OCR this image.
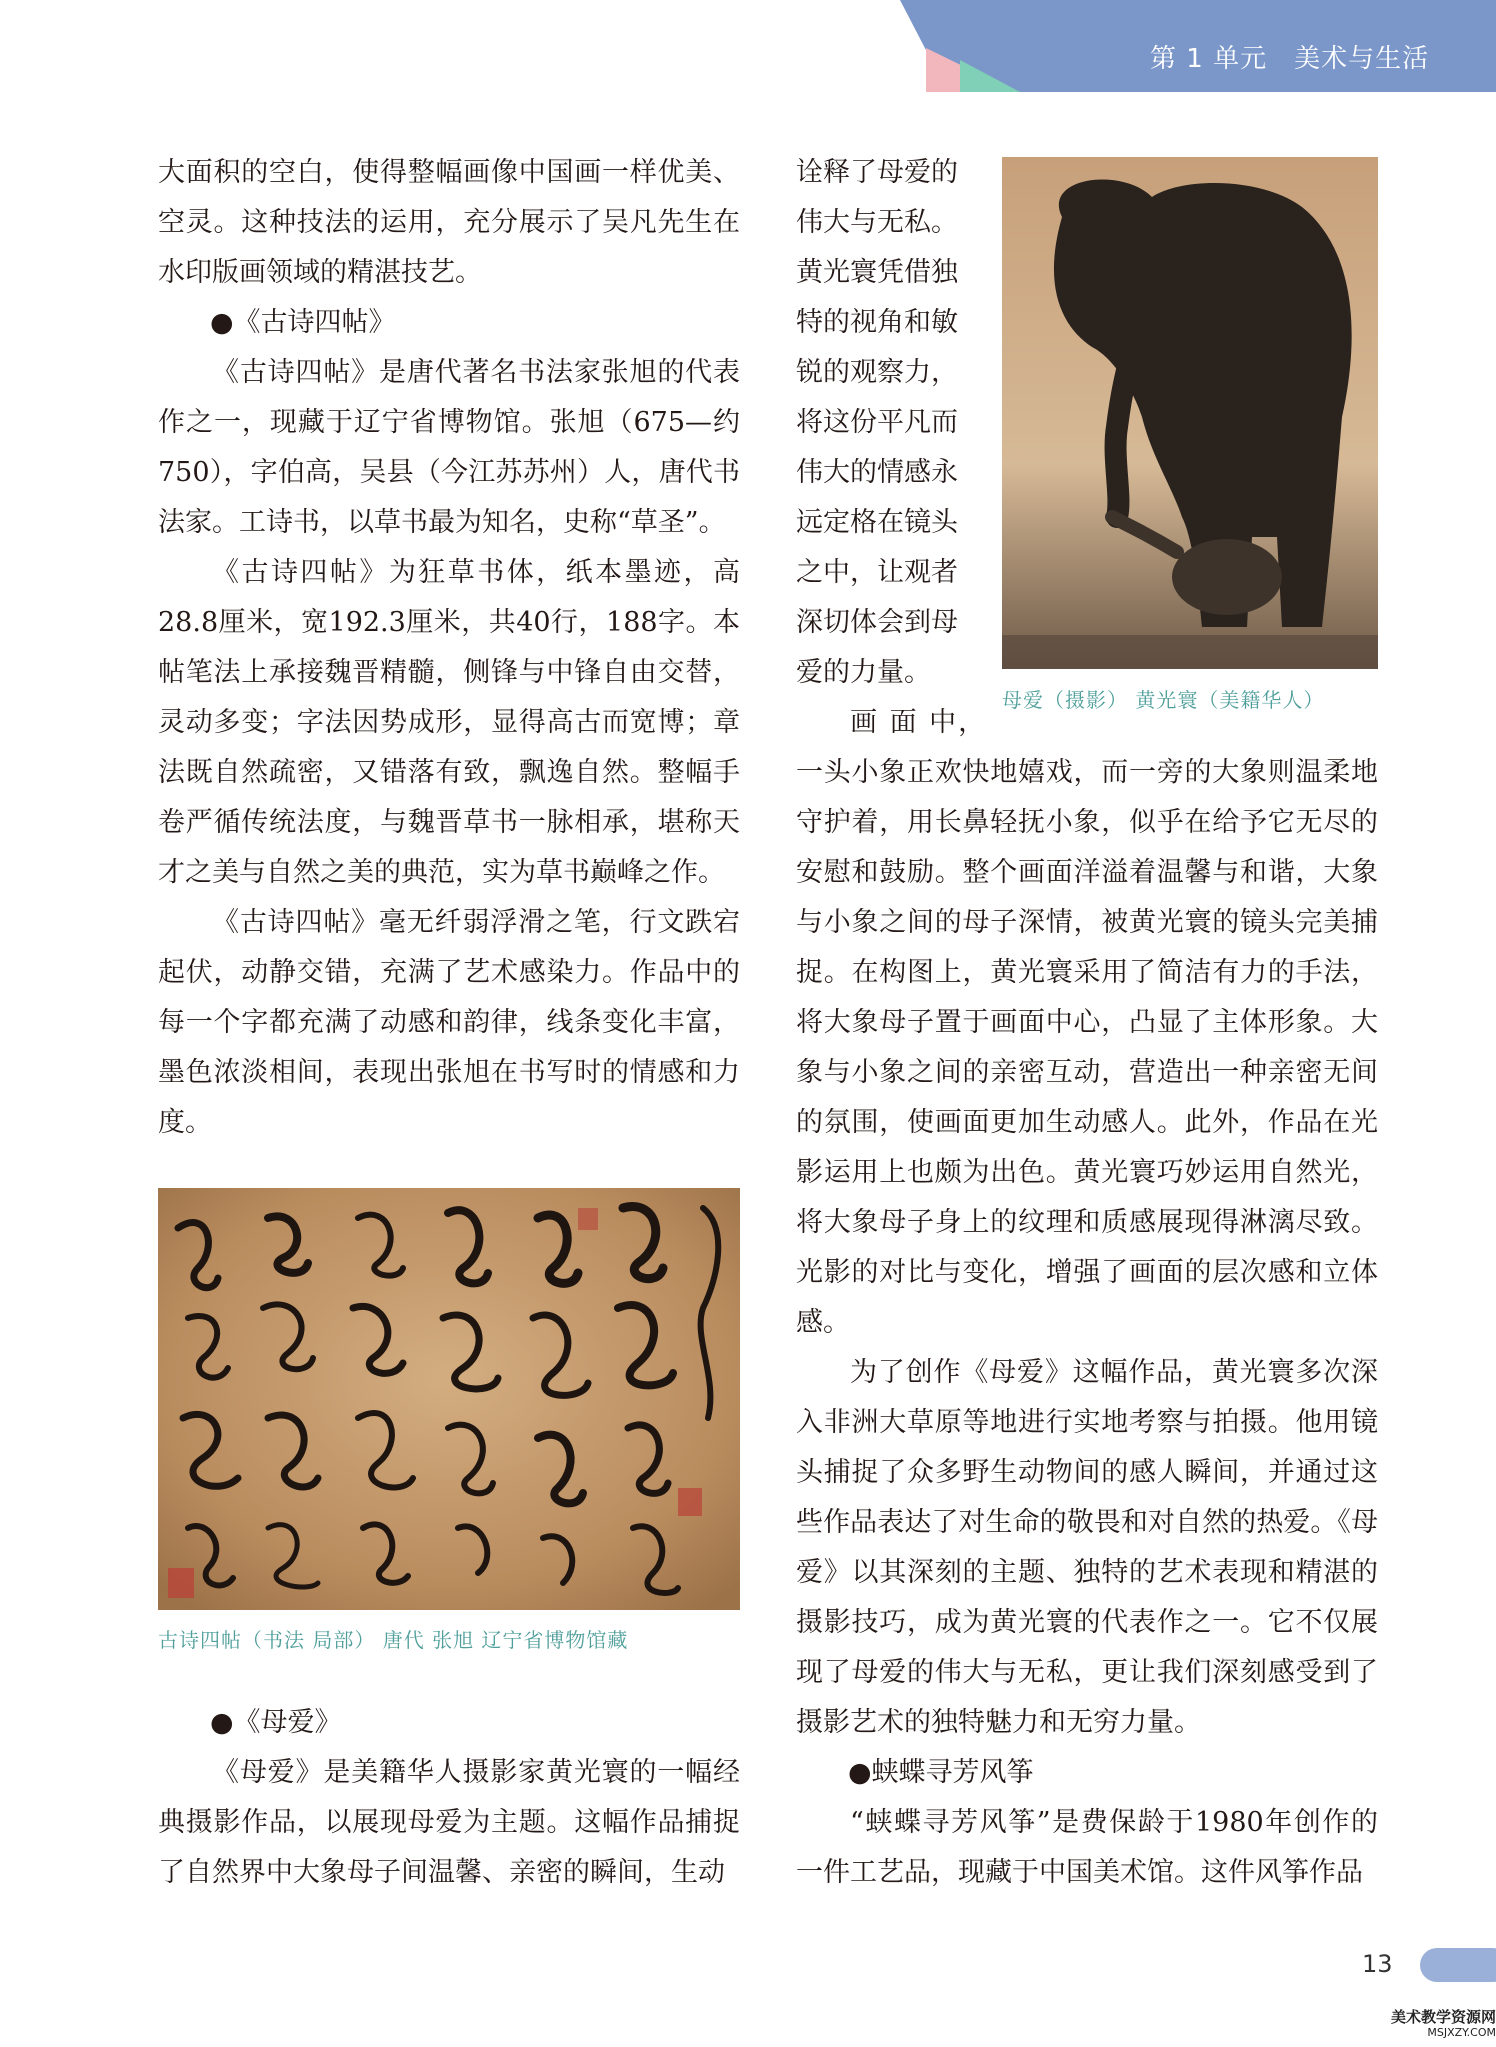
第 1 单元　美术与生活

大面积的空白，使得整幅画像中国画一样优美、空灵。这种技法的运用，充分展示了吴凡先生在水印版画领域的精湛技艺。

●《古诗四帖》

《古诗四帖》是唐代著名书法家张旭的代表作之一，现藏于辽宁省博物馆。张旭（675—约750），字伯高，吴县（今江苏苏州）人，唐代书法家。工诗书，以草书最为知名，史称“草圣”。

《古诗四帖》为狂草书体，纸本墨迹，高28.8厘米，宽192.3厘米，共40行，188字。本帖笔法上承接魏晋精髓，侧锋与中锋自由交替，灵动多变；字法因势成形，显得高古而宽博；章法既自然疏密，又错落有致，飘逸自然。整幅手卷严循传统法度，与魏晋草书一脉相承，堪称天才之美与自然之美的典范，实为草书巅峰之作。

《古诗四帖》毫无纤弱浮滑之笔，行文跌宕起伏，动静交错，充满了艺术感染力。作品中的每一个字都充满了动感和韵律，线条变化丰富，墨色浓淡相间，表现出张旭在书写时的情感和力度。

古诗四帖（书法 局部） 唐代 张旭 辽宁省博物馆藏

●《母爱》

《母爱》是美籍华人摄影家黄光寰的一幅经典摄影作品，以展现母爱为主题。这幅作品捕捉了自然界中大象母子间温馨、亲密的瞬间，生动

诠释了母爱的伟大与无私。黄光寰凭借独特的视角和敏锐的观察力，将这份平凡而伟大的情感永远定格在镜头之中，让观者深切体会到母爱的力量。

母爱（摄影） 黄光寰（美籍华人）

画 面 中，

一头小象正欢快地嬉戏，而一旁的大象则温柔地守护着，用长鼻轻抚小象，似乎在给予它无尽的安慰和鼓励。整个画面洋溢着温馨与和谐，大象与小象之间的母子深情，被黄光寰的镜头完美捕捉。在构图上，黄光寰采用了简洁有力的手法，将大象母子置于画面中心，凸显了主体形象。大象与小象之间的亲密互动，营造出一种亲密无间的氛围，使画面更加生动感人。此外，作品在光影运用上也颇为出色。黄光寰巧妙运用自然光，将大象母子身上的纹理和质感展现得淋漓尽致。光影的对比与变化，增强了画面的层次感和立体感。

为了创作《母爱》这幅作品，黄光寰多次深入非洲大草原等地进行实地考察与拍摄。他用镜头捕捉了众多野生动物间的感人瞬间，并通过这些作品表达了对生命的敬畏和对自然的热爱。《母爱》以其深刻的主题、独特的艺术表现和精湛的摄影技巧，成为黄光寰的代表作之一。它不仅展现了母爱的伟大与无私，更让我们深刻感受到了摄影艺术的独特魅力和无穷力量。

●蛱蝶寻芳风筝

“蛱蝶寻芳风筝”是费保龄于1980年创作的一件工艺品，现藏于中国美术馆。这件风筝作品

13
美术教学资源网
MSJXZY.COM
